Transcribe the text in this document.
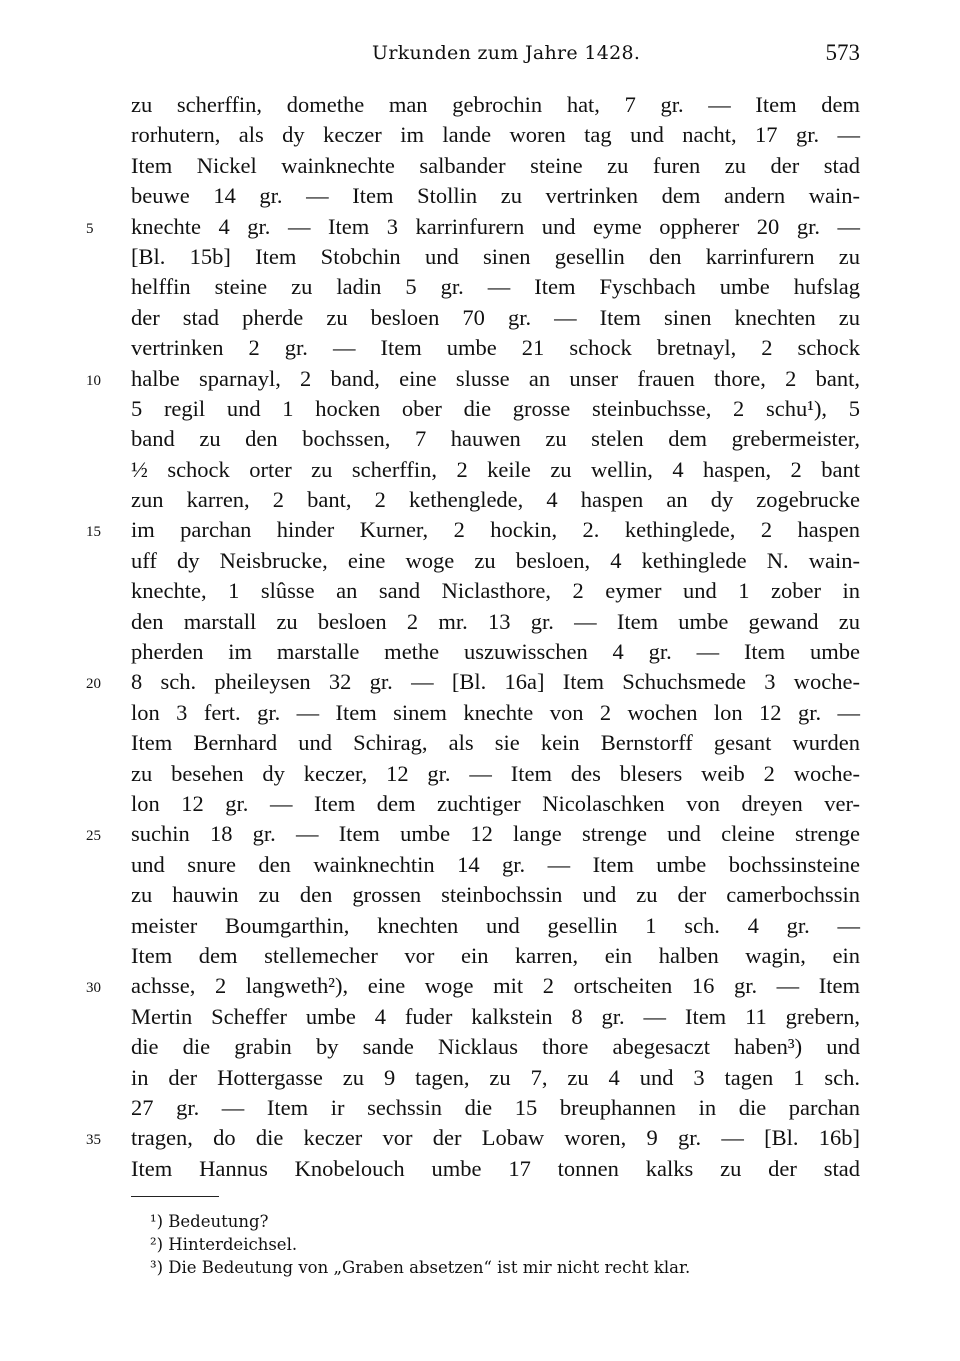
Urkunden zum Jahre 1428.	573
zu scherffin, domethe man gebrochin hat, 7 gr. — Item dem
rorhutern, als dy keczer im lande woren tag und nacht, 17 gr. —
Item Nickel wainknechte salbander steine zu furen zu der stad
beuwe 14 gr. — Item Stollin zu vertrinken dem andern wain-
5	knechte 4 gr. — Item 3 karrinfurern und eyme oppherer 20 gr. —
[Bl. 15b] Item Stobchin und sinen gesellin den karrinfurern zu
helffin steine zu ladin 5 gr. — Item Fyschbach umbe hufslag
der stad pherde zu besloen 70 gr. — Item sinen knechten zu
vertrinken 2 gr. — Item umbe 21 schock bretnayl, 2 schock
10	halbe sparnayl, 2 band, eine slusse an unser frauen thore, 2 bant,
5 regil und 1 hocken ober die grosse steinbuchsse, 2 schu¹), 5
band zu den bochssen, 7 hauwen zu stelen dem grebermeister,
½ schock orter zu scherffin, 2 keile zu wellin, 4 haspen, 2 bant
zun karren, 2 bant, 2 kethenglede, 4 haspen an dy zogebrucke
15	im parchan hinder Kurner, 2 hockin, 2. kethinglede, 2 haspen
uff dy Neisbrucke, eine woge zu besloen, 4 kethinglede N. wain-
knechte, 1 slûsse an sand Niclasthore, 2 eymer und 1 zober in
den marstall zu besloen 2 mr. 13 gr. — Item umbe gewand zu
pherden im marstalle methe uszuwisschen 4 gr. — Item umbe
20	8 sch. pheileysen 32 gr. — [Bl. 16a] Item Schuchsmede 3 woche-
lon 3 fert. gr. — Item sinem knechte von 2 wochen lon 12 gr. —
Item Bernhard und Schirag, als sie kein Bernstorff gesant wurden
zu besehen dy keczer, 12 gr. — Item des blesers weib 2 woche-
lon 12 gr. — Item dem zuchtiger Nicolaschken von dreyen ver-
25	suchin 18 gr. — Item umbe 12 lange strenge und cleine strenge
und snure den wainknechtin 14 gr. — Item umbe bochssinsteine
zu hauwin zu den grossen steinbochssin und zu der camerbochssin
meister Boumgarthin, knechten und gesellin 1 sch. 4 gr. —
Item dem stellemecher vor ein karren, ein halben wagin, ein
30	achsse, 2 langweth²), eine woge mit 2 ortscheiten 16 gr. — Item
Mertin Scheffer umbe 4 fuder kalkstein 8 gr. — Item 11 grebern,
die die grabin by sande Nicklaus thore abegesaczt haben³) und
in der Hottergasse zu 9 tagen, zu 7, zu 4 und 3 tagen 1 sch.
27 gr. — Item ir sechssin die 15 breuphannen in die parchan
35	tragen, do die keczer vor der Lobaw woren, 9 gr. — [Bl. 16b]
Item Hannus Knobelouch umbe 17 tonnen kalks zu der stad
¹) Bedeutung?
²) Hinterdeichsel.
³) Die Bedeutung von „Graben absetzen“ ist mir nicht recht klar.
